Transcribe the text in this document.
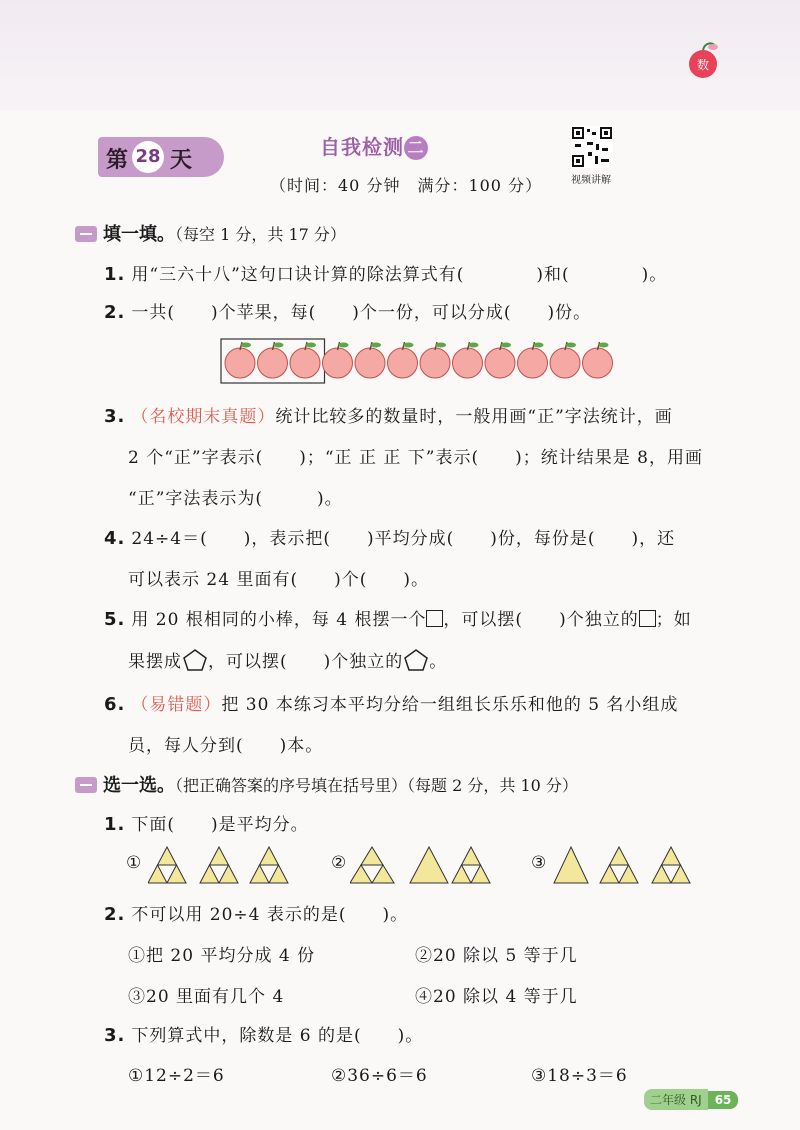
数
第 28 天
自我检测 二
（时间：40 分钟　满分：100 分）	视频讲解
填一填。（每空 1 分，共 17 分）
1. 用“三六十八”这句口诀计算的除法算式有(　　　　)和(　　　　)。
2. 一共(　　)个苹果，每(　　)个一份，可以分成(　　)份。
3. （名校期末真题）统计比较多的数量时，一般用画“正”字法统计，画
2 个“正”字表示(　　)；“正 正 正 下”表示(　　)；统计结果是 8，用画
“正”字法表示为(　　　)。
4. 24÷4＝(　　)，表示把(　　)平均分成(　　)份，每份是(　　)，还
可以表示 24 里面有(　　)个(　　)。
5. 用 20 根相同的小棒，每 4 根摆一个 ，可以摆(　　)个独立的 ；如
果摆成 ，可以摆(　　)个独立的 。
6. （易错题）把 30 本练习本平均分给一组组长乐乐和他的 5 名小组成
员，每人分到(　　)本。
选一选。（把正确答案的序号填在括号里）（每题 2 分，共 10 分）
1. 下面(　　)是平均分。
①	②	③
2. 不可以用 20÷4 表示的是(　　)。
①把 20 平均分成 4 份	②20 除以 5 等于几
③20 里面有几个 4	④20 除以 4 等于几
3. 下列算式中，除数是 6 的是(　　)。
①12÷2＝6	②36÷6＝6	③18÷3＝6
二年级 RJ 65
